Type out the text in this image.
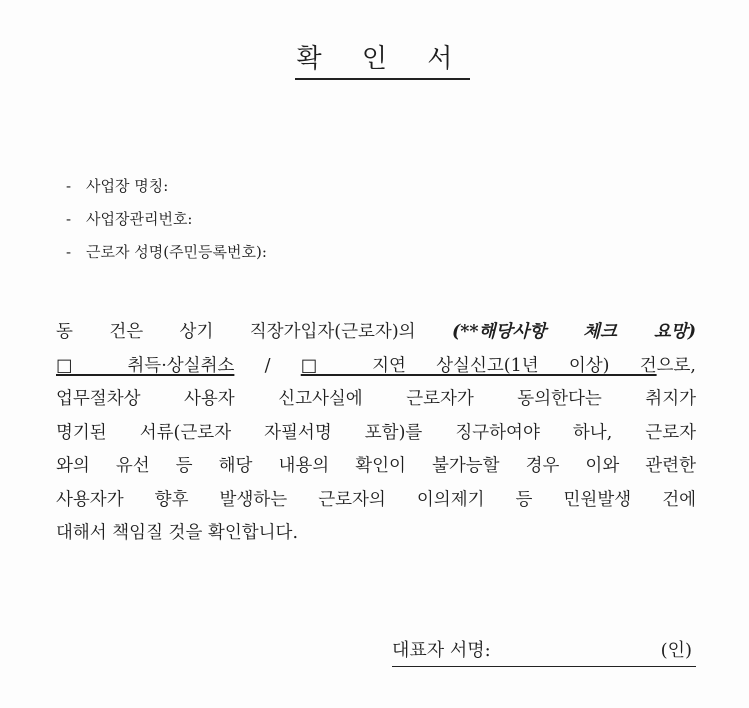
확 인 서
- 사업장 명칭:
- 사업장관리번호:
- 근로자 성명(주민등록번호):
동 건은 상기 직장가입자(근로자)의 (**해당사항 체크 요망)
□ 취득·상실취소 / □ 지연 상실신고(1년 이상) 건으로,
업무절차상 사용자 신고사실에 근로자가 동의한다는 취지가
명기된 서류(근로자 자필서명 포함)를 징구하여야 하나, 근로자
와의 유선 등 해당 내용의 확인이 불가능할 경우 이와 관련한
사용자가 향후 발생하는 근로자의 이의제기 등 민원발생 건에
대해서 책임질 것을 확인합니다.
대표자 서명:	(인)
